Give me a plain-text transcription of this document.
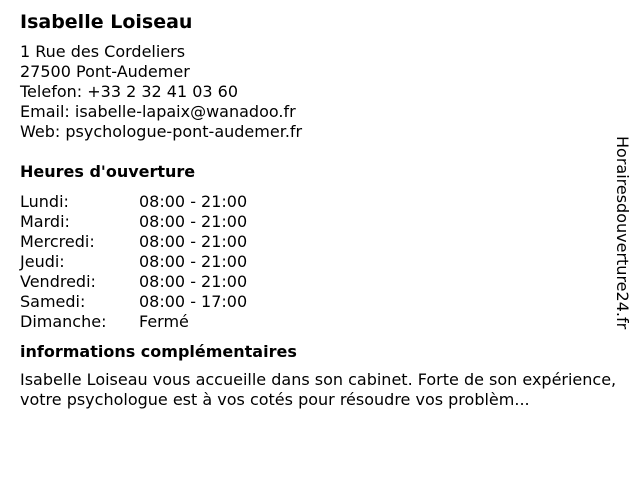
Isabelle Loiseau
1 Rue des Cordeliers
27500 Pont-Audemer
Telefon: +33 2 32 41 03 60
Email: isabelle-lapaix@wanadoo.fr
Web: psychologue-pont-audemer.fr
Heures d'ouverture
Lundi:	08:00 - 21:00
Mardi:	08:00 - 21:00
Mercredi:	08:00 - 21:00
Jeudi:	08:00 - 21:00
Vendredi:	08:00 - 21:00
Samedi:	08:00 - 17:00
Dimanche:	Fermé
informations complémentaires
Isabelle Loiseau vous accueille dans son cabinet. Forte de son expérience, votre psychologue est à vos cotés pour résoudre vos problèm...
Horairesdouverture24.fr
